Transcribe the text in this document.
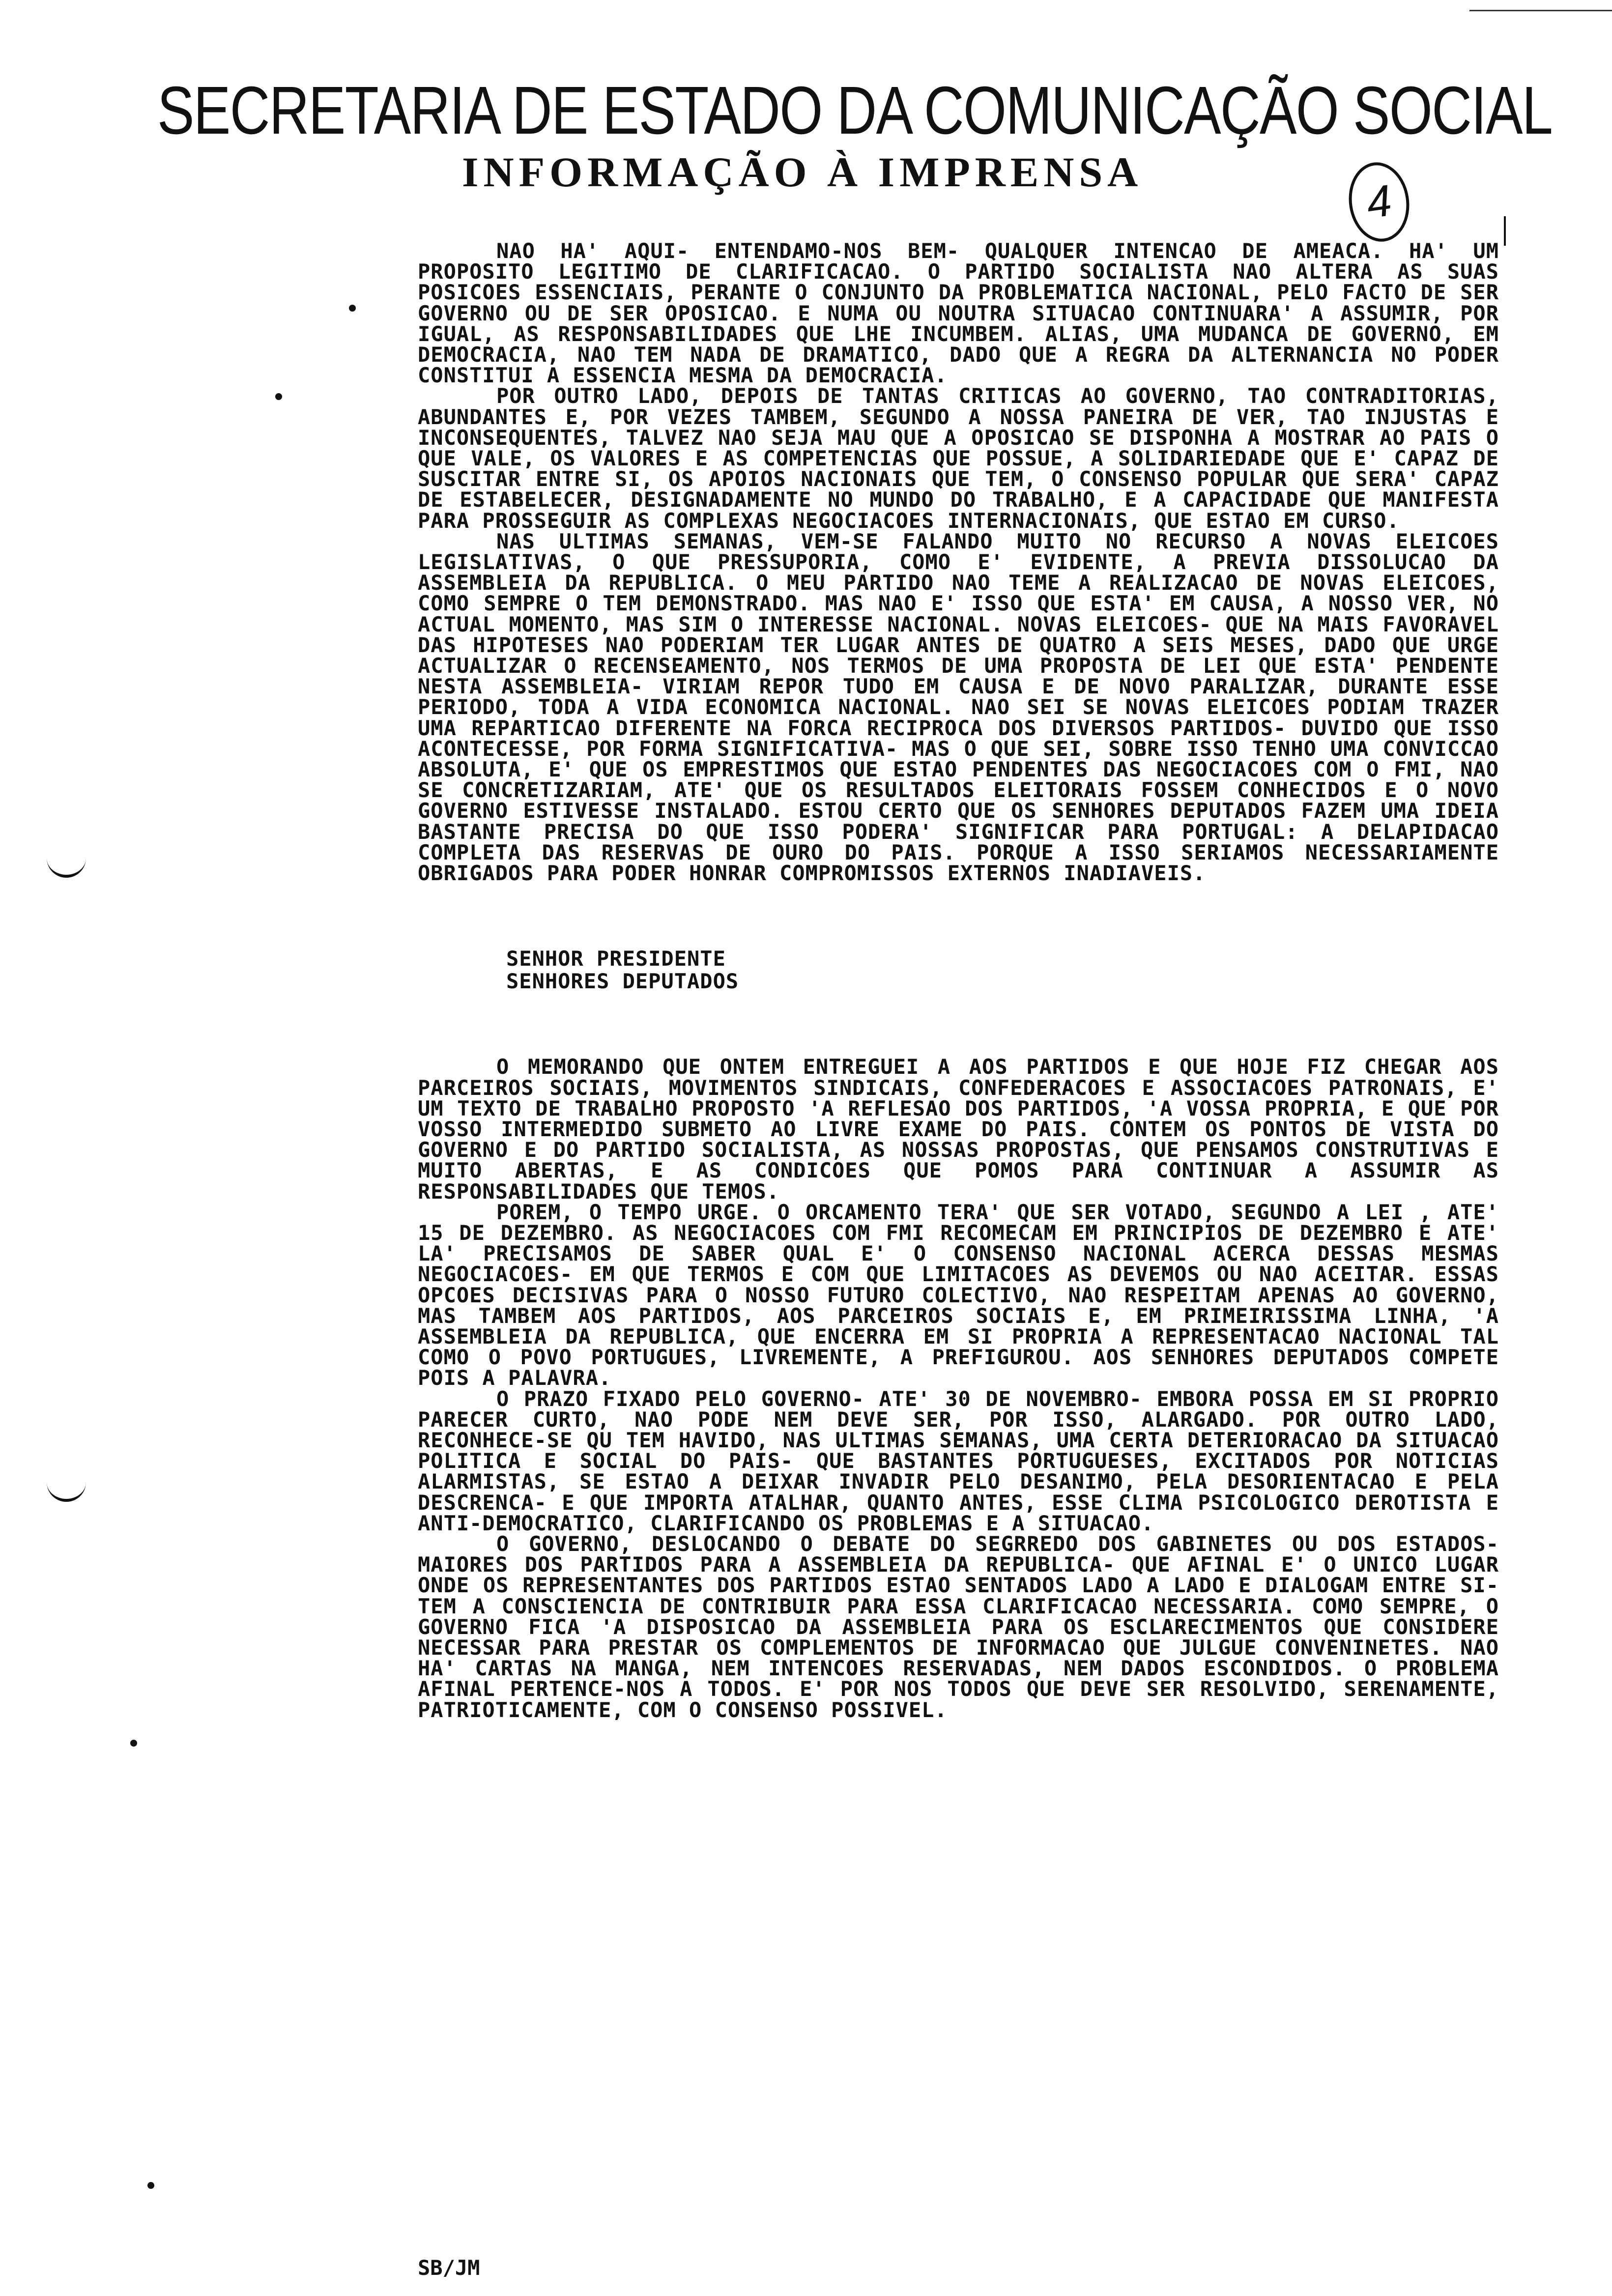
SECRETARIA DE ESTADO DA COMUNICAÇÃO SOCIAL
INFORMAÇÃO À IMPRENSA
4

NAO HA' AQUI- ENTENDAMO-NOS BEM- QUALQUER INTENCAO DE AMEACA. HA' UM PROPOSITO LEGITIMO DE CLARIFICACAO. O PARTIDO SOCIALISTA NAO ALTERA AS SUAS POSICOES ESSENCIAIS, PERANTE O CONJUNTO DA PROBLEMATICA NACIONAL, PELO FACTO DE SER GOVERNO OU DE SER OPOSICAO. E NUMA OU NOUTRA SITUACAO CONTINUARA' A ASSUMIR, POR IGUAL, AS RESPONSABILIDADES QUE LHE INCUMBEM. ALIAS, UMA MUDANCA DE GOVERNO, EM DEMOCRACIA, NAO TEM NADA DE DRAMATICO, DADO QUE A REGRA DA ALTERNANCIA NO PODER CONSTITUI A ESSENCIA MESMA DA DEMOCRACIA.

POR OUTRO LADO, DEPOIS DE TANTAS CRITICAS AO GOVERNO, TAO CONTRADITORIAS, ABUNDANTES E, POR VEZES TAMBEM, SEGUNDO A NOSSA PANEIRA DE VER, TAO INJUSTAS E INCONSEQUENTES, TALVEZ NAO SEJA MAU QUE A OPOSICAO SE DISPONHA A MOSTRAR AO PAIS O QUE VALE, OS VALORES E AS COMPETENCIAS QUE POSSUE, A SOLIDARIEDADE QUE E' CAPAZ DE SUSCITAR ENTRE SI, OS APOIOS NACIONAIS QUE TEM, O CONSENSO POPULAR QUE SERA' CAPAZ DE ESTABELECER, DESIGNADAMENTE NO MUNDO DO TRABALHO, E A CAPACIDADE QUE MANIFESTA PARA PROSSEGUIR AS COMPLEXAS NEGOCIACOES INTERNACIONAIS, QUE ESTAO EM CURSO.

NAS ULTIMAS SEMANAS, VEM-SE FALANDO MUITO NO RECURSO A NOVAS ELEICOES LEGISLATIVAS, O QUE PRESSUPORIA, COMO E' EVIDENTE, A PREVIA DISSOLUCAO DA ASSEMBLEIA DA REPUBLICA. O MEU PARTIDO NAO TEME A REALIZACAO DE NOVAS ELEICOES, COMO SEMPRE O TEM DEMONSTRADO. MAS NAO E' ISSO QUE ESTA' EM CAUSA, A NOSSO VER, NO ACTUAL MOMENTO, MAS SIM O INTERESSE NACIONAL. NOVAS ELEICOES- QUE NA MAIS FAVORAVEL DAS HIPOTESES NAO PODERIAM TER LUGAR ANTES DE QUATRO A SEIS MESES, DADO QUE URGE ACTUALIZAR O RECENSEAMENTO, NOS TERMOS DE UMA PROPOSTA DE LEI QUE ESTA' PENDENTE NESTA ASSEMBLEIA- VIRIAM REPOR TUDO EM CAUSA E DE NOVO PARALIZAR, DURANTE ESSE PERIODO, TODA A VIDA ECONOMICA NACIONAL. NAO SEI SE NOVAS ELEICOES PODIAM TRAZER UMA REPARTICAO DIFERENTE NA FORCA RECIPROCA DOS DIVERSOS PARTIDOS- DUVIDO QUE ISSO ACONTECESSE, POR FORMA SIGNIFICATIVA- MAS O QUE SEI, SOBRE ISSO TENHO UMA CONVICCAO ABSOLUTA, E' QUE OS EMPRESTIMOS QUE ESTAO PENDENTES DAS NEGOCIACOES COM O FMI, NAO SE CONCRETIZARIAM, ATE' QUE OS RESULTADOS ELEITORAIS FOSSEM CONHECIDOS E O NOVO GOVERNO ESTIVESSE INSTALADO. ESTOU CERTO QUE OS SENHORES DEPUTADOS FAZEM UMA IDEIA BASTANTE PRECISA DO QUE ISSO PODERA' SIGNIFICAR PARA PORTUGAL: A DELAPIDACAO COMPLETA DAS RESERVAS DE OURO DO PAIS. PORQUE A ISSO SERIAMOS NECESSARIAMENTE OBRIGADOS PARA PODER HONRAR COMPROMISSOS EXTERNOS INADIAVEIS.

SENHOR PRESIDENTE
SENHORES DEPUTADOS

O MEMORANDO QUE ONTEM ENTREGUEI A AOS PARTIDOS E QUE HOJE FIZ CHEGAR AOS PARCEIROS SOCIAIS, MOVIMENTOS SINDICAIS, CONFEDERACOES E ASSOCIACOES PATRONAIS, E' UM TEXTO DE TRABALHO PROPOSTO 'A REFLESAO DOS PARTIDOS, 'A VOSSA PROPRIA, E QUE POR VOSSO INTERMEDIDO SUBMETO AO LIVRE EXAME DO PAIS. CONTEM OS PONTOS DE VISTA DO GOVERNO E DO PARTIDO SOCIALISTA, AS NOSSAS PROPOSTAS, QUE PENSAMOS CONSTRUTIVAS E MUITO ABERTAS, E AS CONDICOES QUE POMOS PARA CONTINUAR A ASSUMIR AS RESPONSABILIDADES QUE TEMOS.

POREM, O TEMPO URGE. O ORCAMENTO TERA' QUE SER VOTADO, SEGUNDO A LEI , ATE' 15 DE DEZEMBRO. AS NEGOCIACOES COM FMI RECOMECAM EM PRINCIPIOS DE DEZEMBRO E ATE' LA' PRECISAMOS DE SABER QUAL E' O CONSENSO NACIONAL ACERCA DESSAS MESMAS NEGOCIACOES- EM QUE TERMOS E COM QUE LIMITACOES AS DEVEMOS OU NAO ACEITAR. ESSAS OPCOES DECISIVAS PARA O NOSSO FUTURO COLECTIVO, NAO RESPEITAM APENAS AO GOVERNO, MAS TAMBEM AOS PARTIDOS, AOS PARCEIROS SOCIAIS E, EM PRIMEIRISSIMA LINHA, 'A ASSEMBLEIA DA REPUBLICA, QUE ENCERRA EM SI PROPRIA A REPRESENTACAO NACIONAL TAL COMO O POVO PORTUGUES, LIVREMENTE, A PREFIGUROU. AOS SENHORES DEPUTADOS COMPETE POIS A PALAVRA.

O PRAZO FIXADO PELO GOVERNO- ATE' 30 DE NOVEMBRO- EMBORA POSSA EM SI PROPRIO PARECER CURTO, NAO PODE NEM DEVE SER, POR ISSO, ALARGADO. POR OUTRO LADO, RECONHECE-SE QU TEM HAVIDO, NAS ULTIMAS SEMANAS, UMA CERTA DETERIORACAO DA SITUACAO POLITICA E SOCIAL DO PAIS- QUE BASTANTES PORTUGUESES, EXCITADOS POR NOTICIAS ALARMISTAS, SE ESTAO A DEIXAR INVADIR PELO DESANIMO, PELA DESORIENTACAO E PELA DESCRENCA- E QUE IMPORTA ATALHAR, QUANTO ANTES, ESSE CLIMA PSICOLOGICO DEROTISTA E ANTI-DEMOCRATICO, CLARIFICANDO OS PROBLEMAS E A SITUACAO.

O GOVERNO, DESLOCANDO O DEBATE DO SEGRREDO DOS GABINETES OU DOS ESTADOS-MAIORES DOS PARTIDOS PARA A ASSEMBLEIA DA REPUBLICA- QUE AFINAL E' O UNICO LUGAR ONDE OS REPRESENTANTES DOS PARTIDOS ESTAO SENTADOS LADO A LADO E DIALOGAM ENTRE SI- TEM A CONSCIENCIA DE CONTRIBUIR PARA ESSA CLARIFICACAO NECESSARIA. COMO SEMPRE, O GOVERNO FICA 'A DISPOSICAO DA ASSEMBLEIA PARA OS ESCLARECIMENTOS QUE CONSIDERE NECESSAR PARA PRESTAR OS COMPLEMENTOS DE INFORMACAO QUE JULGUE CONVENINETES. NAO HA' CARTAS NA MANGA, NEM INTENCOES RESERVADAS, NEM DADOS ESCONDIDOS. O PROBLEMA AFINAL PERTENCE-NOS A TODOS. E' POR NOS TODOS QUE DEVE SER RESOLVIDO, SERENAMENTE, PATRIOTICAMENTE, COM O CONSENSO POSSIVEL.

SB/JM
